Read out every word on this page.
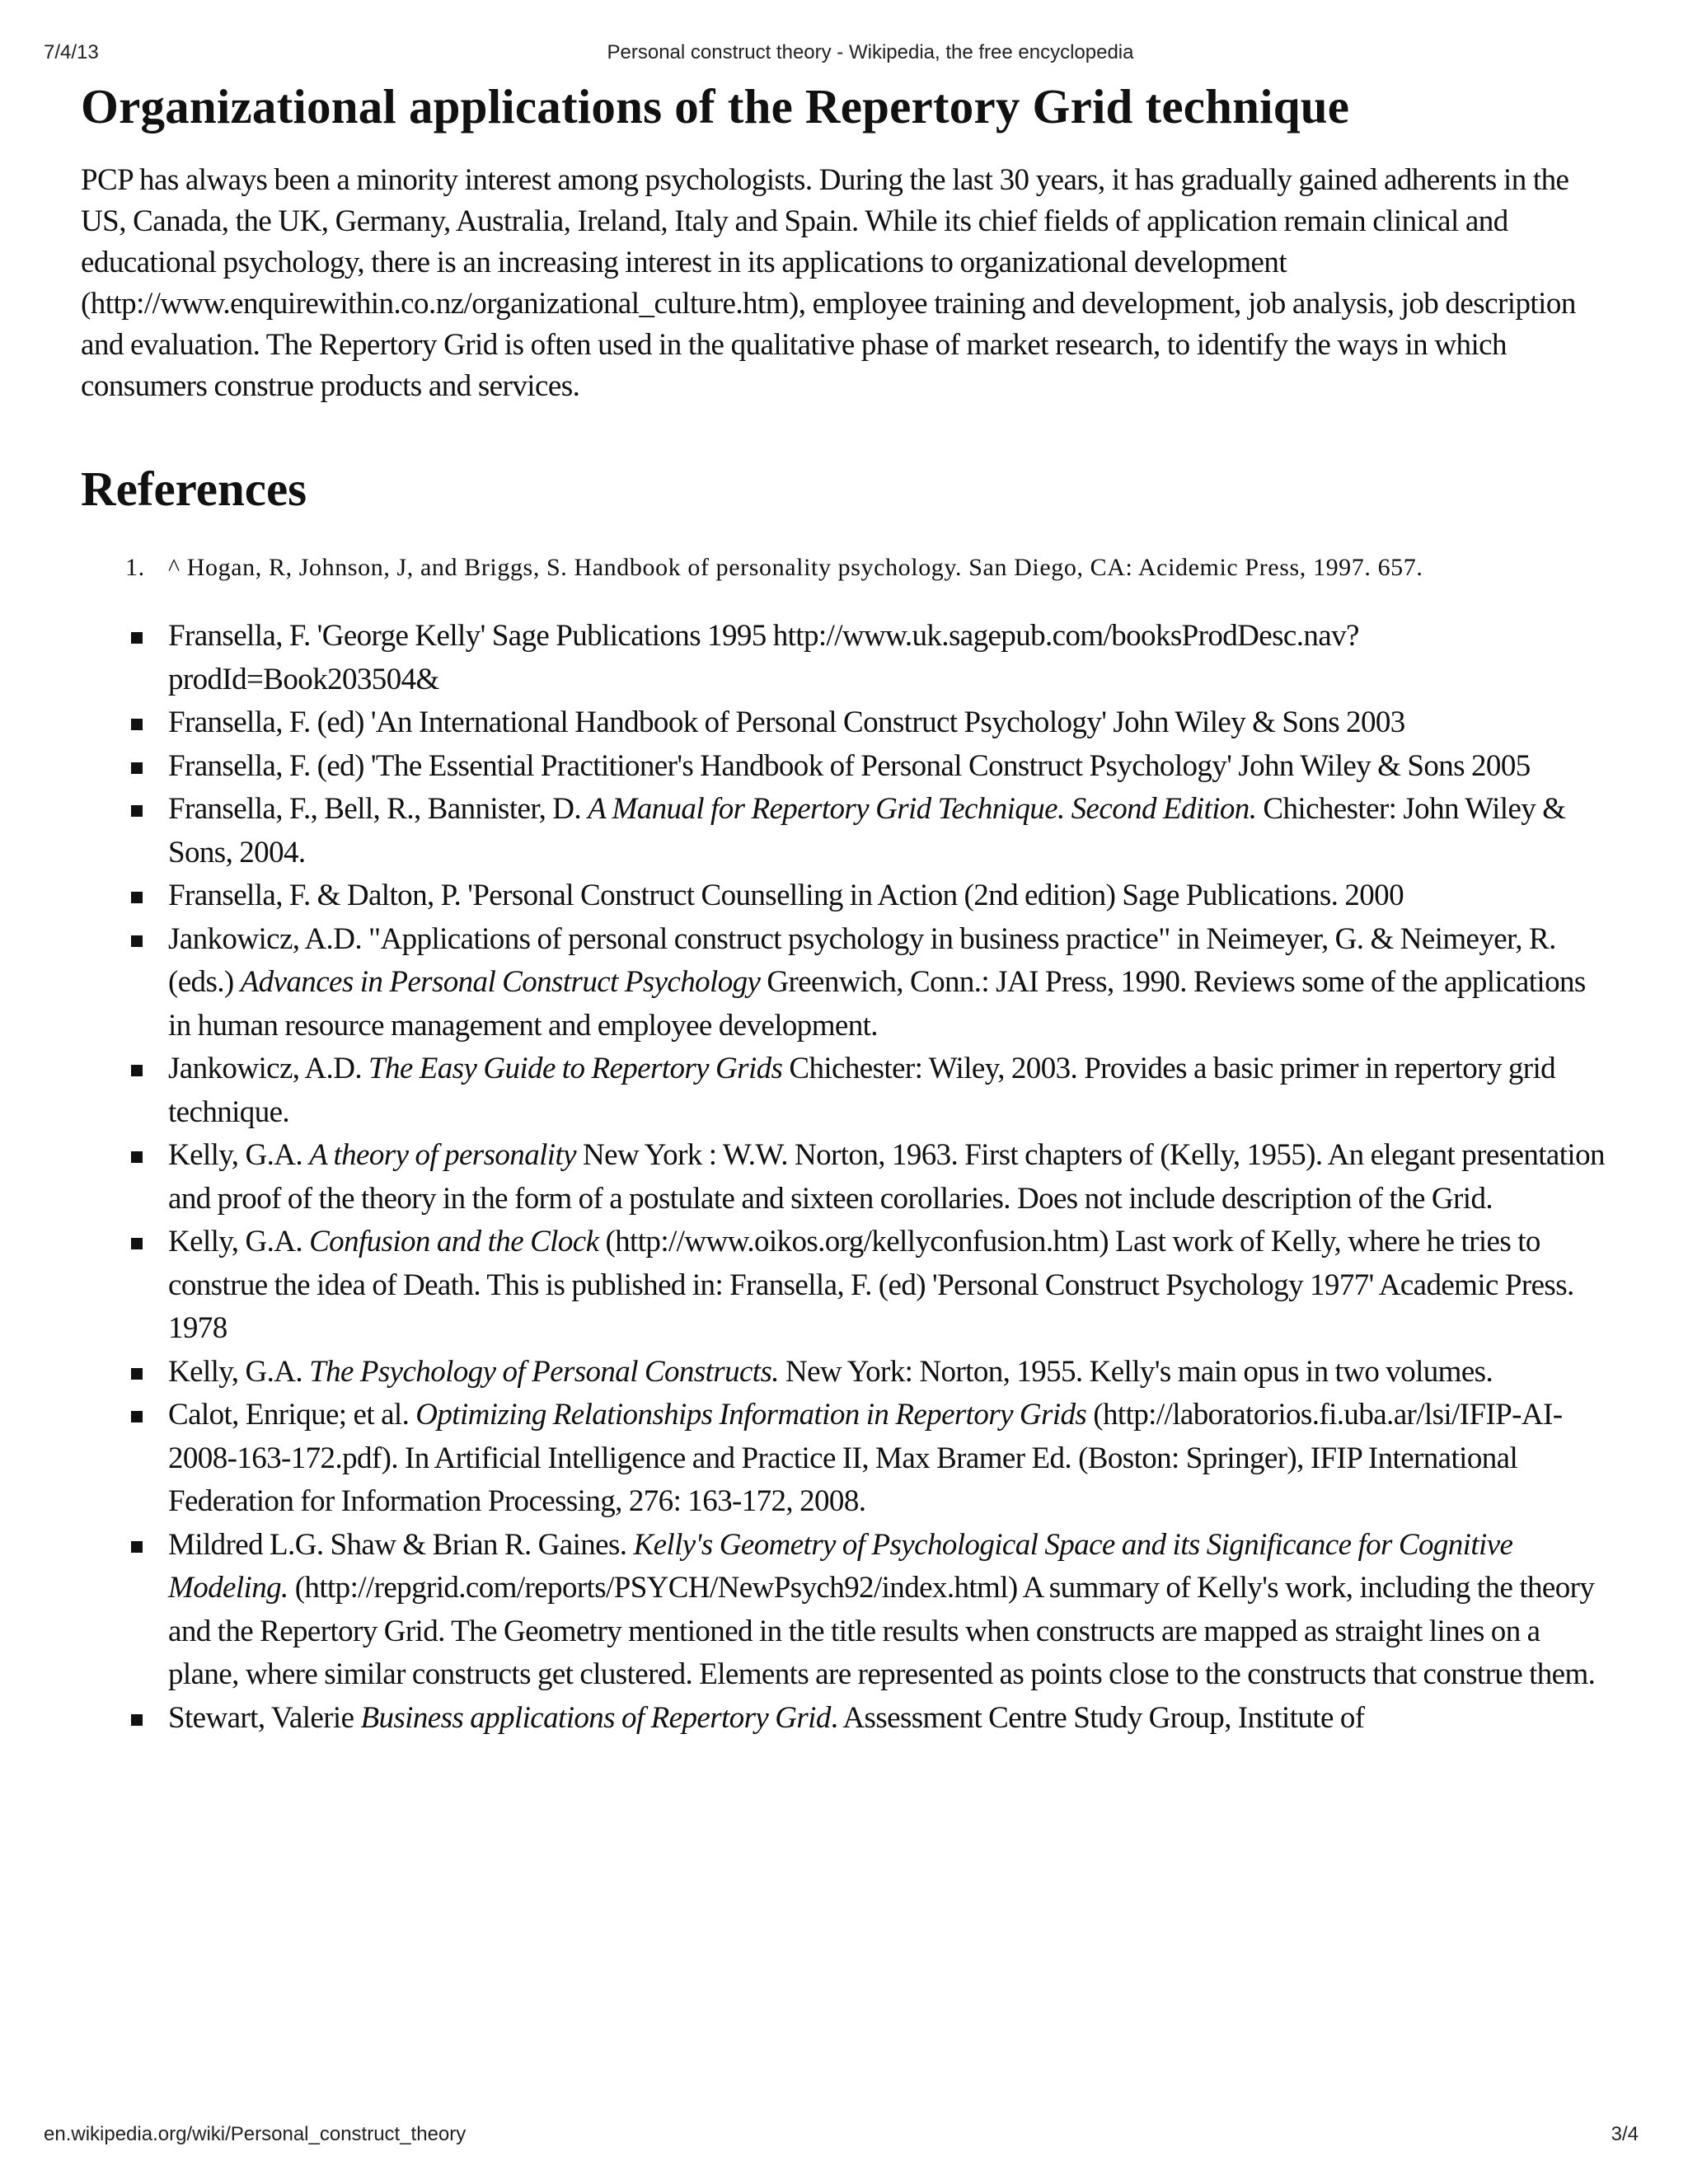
7/4/13	Personal construct theory - Wikipedia, the free encyclopedia
Organizational applications of the Repertory Grid technique

PCP has always been a minority interest among psychologists. During the last 30 years, it has gradually gained adherents in the US, Canada, the UK, Germany, Australia, Ireland, Italy and Spain. While its chief fields of application remain clinical and educational psychology, there is an increasing interest in its applications to organizational development (http://www.enquirewithin.co.nz/organizational_culture.htm), employee training and development, job analysis, job description and evaluation. The Repertory Grid is often used in the qualitative phase of market research, to identify the ways in which consumers construe products and services.

References
1. ^ Hogan, R, Johnson, J, and Briggs, S. Handbook of personality psychology. San Diego, CA: Acidemic Press, 1997. 657.
Fransella, F. 'George Kelly' Sage Publications 1995 http://www.uk.sagepub.com/booksProdDesc.nav?prodId=Book203504&
Fransella, F. (ed) 'An International Handbook of Personal Construct Psychology' John Wiley & Sons 2003
Fransella, F. (ed) 'The Essential Practitioner's Handbook of Personal Construct Psychology' John Wiley & Sons 2005
Fransella, F., Bell, R., Bannister, D. A Manual for Repertory Grid Technique. Second Edition. Chichester: John Wiley & Sons, 2004.
Fransella, F. & Dalton, P. 'Personal Construct Counselling in Action (2nd edition) Sage Publications. 2000
Jankowicz, A.D. "Applications of personal construct psychology in business practice" in Neimeyer, G. & Neimeyer, R. (eds.) Advances in Personal Construct Psychology Greenwich, Conn.: JAI Press, 1990. Reviews some of the applications in human resource management and employee development.
Jankowicz, A.D. The Easy Guide to Repertory Grids Chichester: Wiley, 2003. Provides a basic primer in repertory grid technique.
Kelly, G.A. A theory of personality New York : W.W. Norton, 1963. First chapters of (Kelly, 1955). An elegant presentation and proof of the theory in the form of a postulate and sixteen corollaries. Does not include description of the Grid.
Kelly, G.A. Confusion and the Clock (http://www.oikos.org/kellyconfusion.htm) Last work of Kelly, where he tries to construe the idea of Death. This is published in: Fransella, F. (ed) 'Personal Construct Psychology 1977' Academic Press. 1978
Kelly, G.A. The Psychology of Personal Constructs. New York: Norton, 1955. Kelly's main opus in two volumes.
Calot, Enrique; et al. Optimizing Relationships Information in Repertory Grids (http://laboratorios.fi.uba.ar/lsi/IFIP-AI-2008-163-172.pdf). In Artificial Intelligence and Practice II, Max Bramer Ed. (Boston: Springer), IFIP International Federation for Information Processing, 276: 163-172, 2008.
Mildred L.G. Shaw & Brian R. Gaines. Kelly's Geometry of Psychological Space and its Significance for Cognitive Modeling. (http://repgrid.com/reports/PSYCH/NewPsych92/index.html) A summary of Kelly's work, including the theory and the Repertory Grid. The Geometry mentioned in the title results when constructs are mapped as straight lines on a plane, where similar constructs get clustered. Elements are represented as points close to the constructs that construe them.
Stewart, Valerie Business applications of Repertory Grid. Assessment Centre Study Group, Institute of
en.wikipedia.org/wiki/Personal_construct_theory	3/4
